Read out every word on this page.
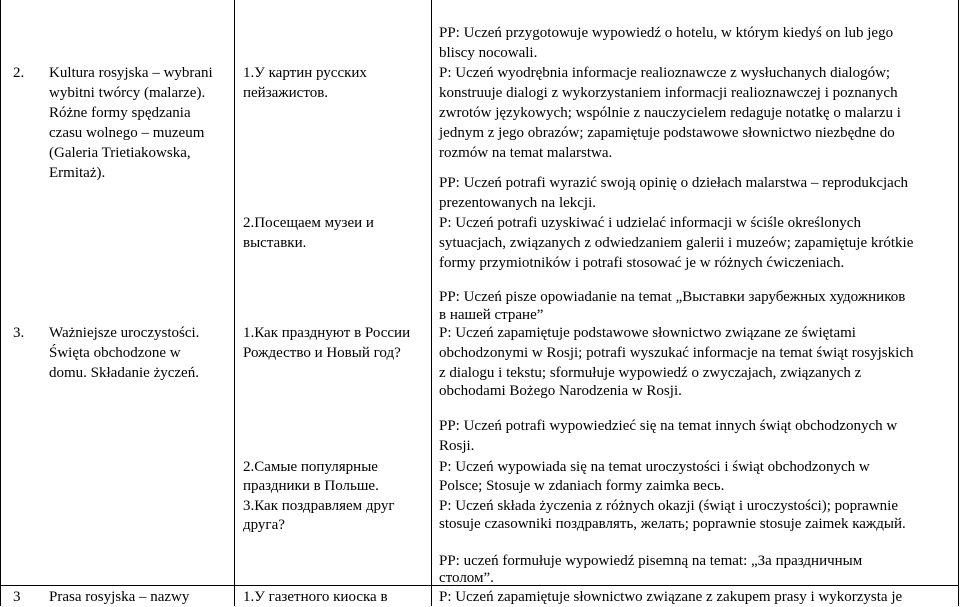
2. Kultura rosyjska – wybrani
wybitni twórcy (malarze).
Różne formy spędzania
czasu wolnego – muzeum
(Galeria Trietiakowska,
Ermitaż).
1.У картин русских
пейзажистов.
2.Посещаем музеи и
выставки.
PP: Uczeń przygotowuje wypowiedź o hotelu, w którym kiedyś on lub jego
bliscy nocowali.
P: Uczeń wyodrębnia informacje realioznawcze z wysłuchanych dialogów;
konstruuje dialogi z wykorzystaniem informacji realioznawczej i poznanych
zwrotów językowych; wspólnie z nauczycielem redaguje notatkę o malarzu i
jednym z jego obrazów; zapamiętuje podstawowe słownictwo niezbędne do
rozmów na temat malarstwa.
PP: Uczeń potrafi wyrazić swoją opinię o dziełach malarstwa – reprodukcjach
prezentowanych na lekcji.
P: Uczeń potrafi uzyskiwać i udzielać informacji w ściśle określonych
sytuacjach, związanych z odwiedzaniem galerii i muzeów; zapamiętuje krótkie
formy przymiotników i potrafi stosować je w różnych ćwiczeniach.
3. Ważniejsze uroczystości.
Święta obchodzone w
domu. Składanie życzeń.
1.Как празднуют в России
Рождество и Новый год?
2.Самые популярные
праздники в Польше.
3.Как поздравляем друг
друга?
PP: Uczeń pisze opowiadanie na temat „Выставки зарубежных художников
в нашей стране”
P: Uczeń zapamiętuje podstawowe słownictwo związane ze świętami
obchodzonymi w Rosji; potrafi wyszukać informacje na temat świąt rosyjskich
z dialogu i tekstu; sformułuje wypowiedź o zwyczajach, związanych z
obchodami Bożego Narodzenia w Rosji.
PP: Uczeń potrafi wypowiedzieć się na temat innych świąt obchodzonych w
Rosji.
P: Uczeń wypowiada się na temat uroczystości i świąt obchodzonych w
Polsce; Stosuje w zdaniach formy zaimka весь.
P: Uczeń składa życzenia z różnych okazji (świąt i uroczystości); poprawnie
stosuje czasowniki поздравлять, желать; poprawnie stosuje zaimek каждый.
PP: uczeń formułuje wypowiedź pisemną na temat: „За праздничным
столом”.
3 Prasa rosyjska – nazwy	1.У газетного киоска в	P: Uczeń zapamiętuje słownictwo związane z zakupem prasy i wykorzysta je
